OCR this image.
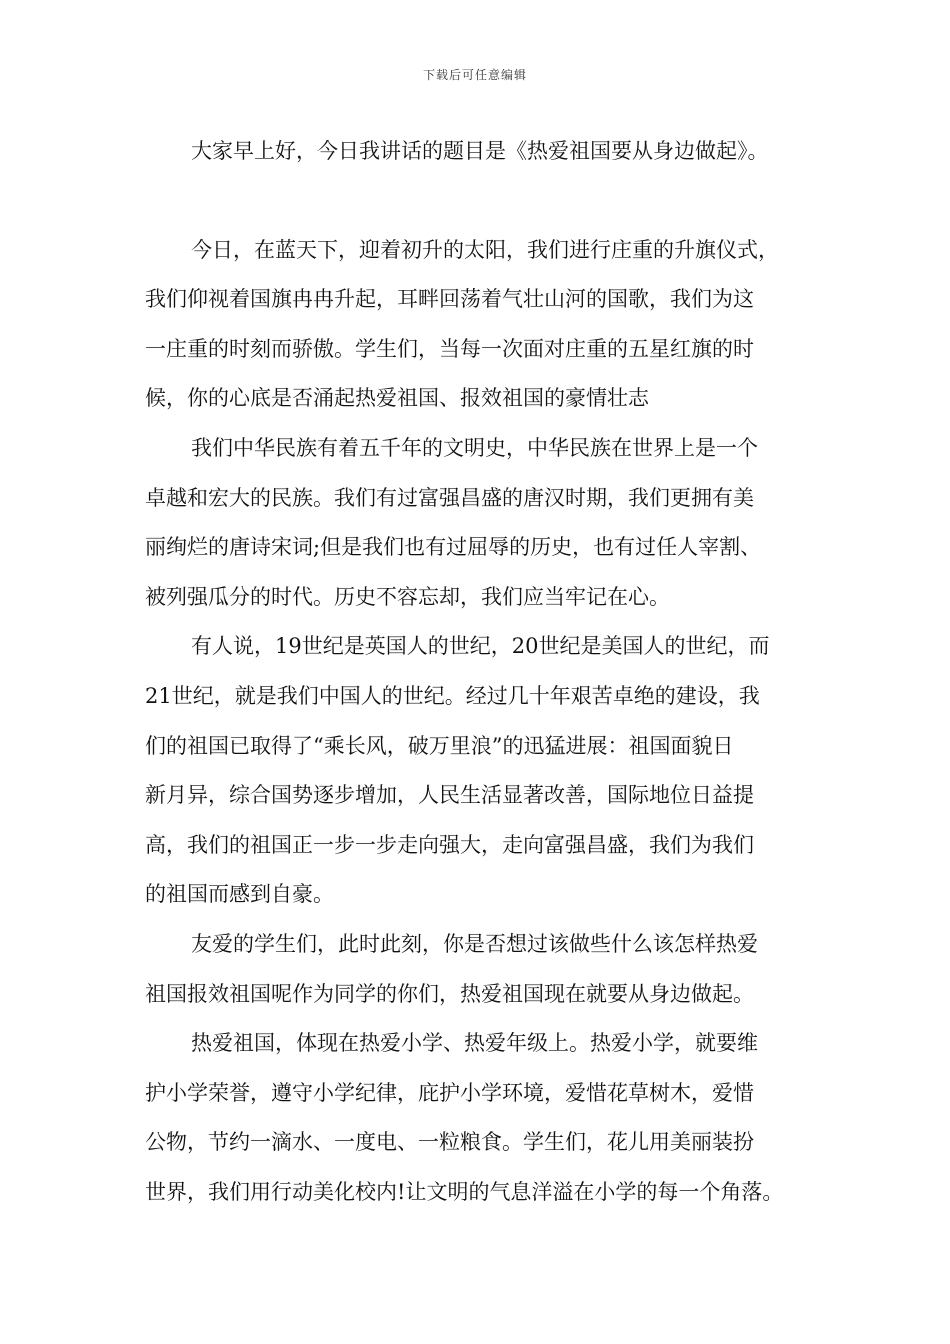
下载后可任意编辑
大家早上好，今日我讲话的题目是《热爱祖国要从身边做起》。
今日，在蓝天下，迎着初升的太阳，我们进行庄重的升旗仪式，
我们仰视着国旗冉冉升起，耳畔回荡着气壮山河的国歌，我们为这
一庄重的时刻而骄傲。学生们，当每一次面对庄重的五星红旗的时
候，你的心底是否涌起热爱祖国、报效祖国的豪情壮志
我们中华民族有着五千年的文明史，中华民族在世界上是一个
卓越和宏大的民族。我们有过富强昌盛的唐汉时期，我们更拥有美
丽绚烂的唐诗宋词;但是我们也有过屈辱的历史，也有过任人宰割、
被列强瓜分的时代。历史不容忘却，我们应当牢记在心。
有人说，19世纪是英国人的世纪，20世纪是美国人的世纪，而
21世纪，就是我们中国人的世纪。经过几十年艰苦卓绝的建设，我
们的祖国已取得了“乘长风，破万里浪”的迅猛进展：祖国面貌日
新月异，综合国势逐步增加，人民生活显著改善，国际地位日益提
高，我们的祖国正一步一步走向强大，走向富强昌盛，我们为我们
的祖国而感到自豪。
友爱的学生们，此时此刻，你是否想过该做些什么该怎样热爱
祖国报效祖国呢作为同学的你们，热爱祖国现在就要从身边做起。
热爱祖国，体现在热爱小学、热爱年级上。热爱小学，就要维
护小学荣誉，遵守小学纪律，庇护小学环境，爱惜花草树木，爱惜
公物，节约一滴水、一度电、一粒粮食。学生们，花儿用美丽装扮
世界，我们用行动美化校内!让文明的气息洋溢在小学的每一个角落。
